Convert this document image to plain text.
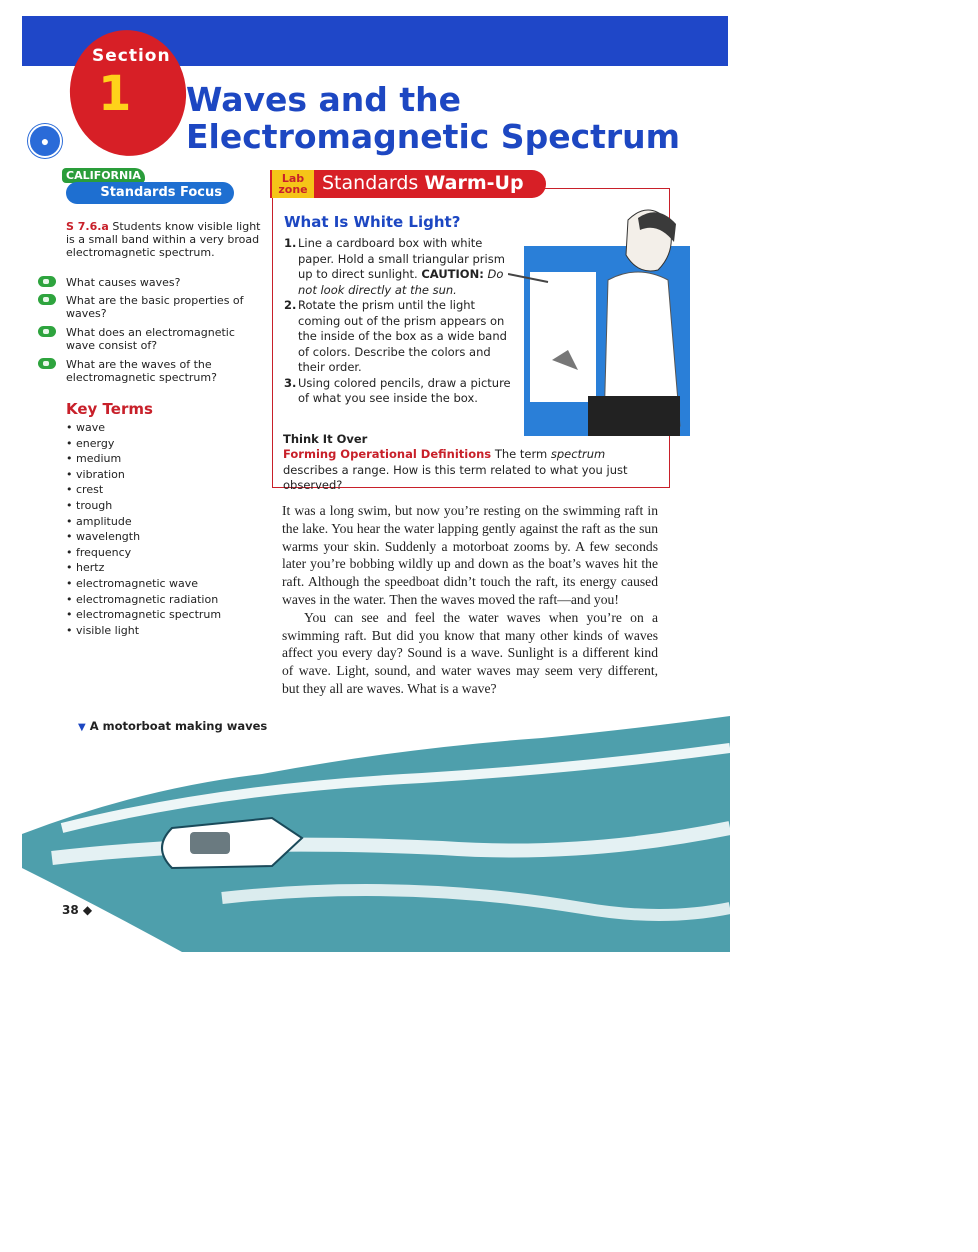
Section
1 Waves and the
Electromagnetic Spectrum
●
CALIFORNIA
Standards Focus
S 7.6.a Students know visible light is a small band within a very broad electromagnetic spectrum.
What causes waves?
What are the basic properties of waves?
What does an electromagnetic wave consist of?
What are the waves of the electromagnetic spectrum?
Key Terms
• wave
• energy
• medium
• vibration
• crest
• trough
• amplitude
• wavelength
• frequency
• hertz
• electromagnetic wave
• electromagnetic radiation
• electromagnetic spectrum
• visible light
Lab
zone Standards Warm-Up
What Is White Light?
1. Line a cardboard box with white paper. Hold a small triangular prism up to direct sunlight. CAUTION: Do not look directly at the sun.
2. Rotate the prism until the light coming out of the prism appears on the inside of the box as a wide band of colors. Describe the colors and their order.
3. Using colored pencils, draw a picture of what you see inside the box.
Think It Over
Forming Operational Definitions The term spectrum describes a range. How is this term related to what you just observed?

It was a long swim, but now you’re resting on the swimming raft in the lake. You hear the water lapping gently against the raft as the sun warms your skin. Suddenly a motorboat zooms by. A few seconds later you’re bobbing wildly up and down as the boat’s waves hit the raft. Although the speedboat didn’t touch the raft, its energy caused waves in the water. Then the waves moved the raft—and you!

You can see and feel the water waves when you’re on a swimming raft. But did you know that many other kinds of waves affect you every day? Sound is a wave. Sunlight is a different kind of wave. Light, sound, and water waves may seem very different, but they all are waves. What is a wave?

▼ A motorboat making waves
38 ◆
